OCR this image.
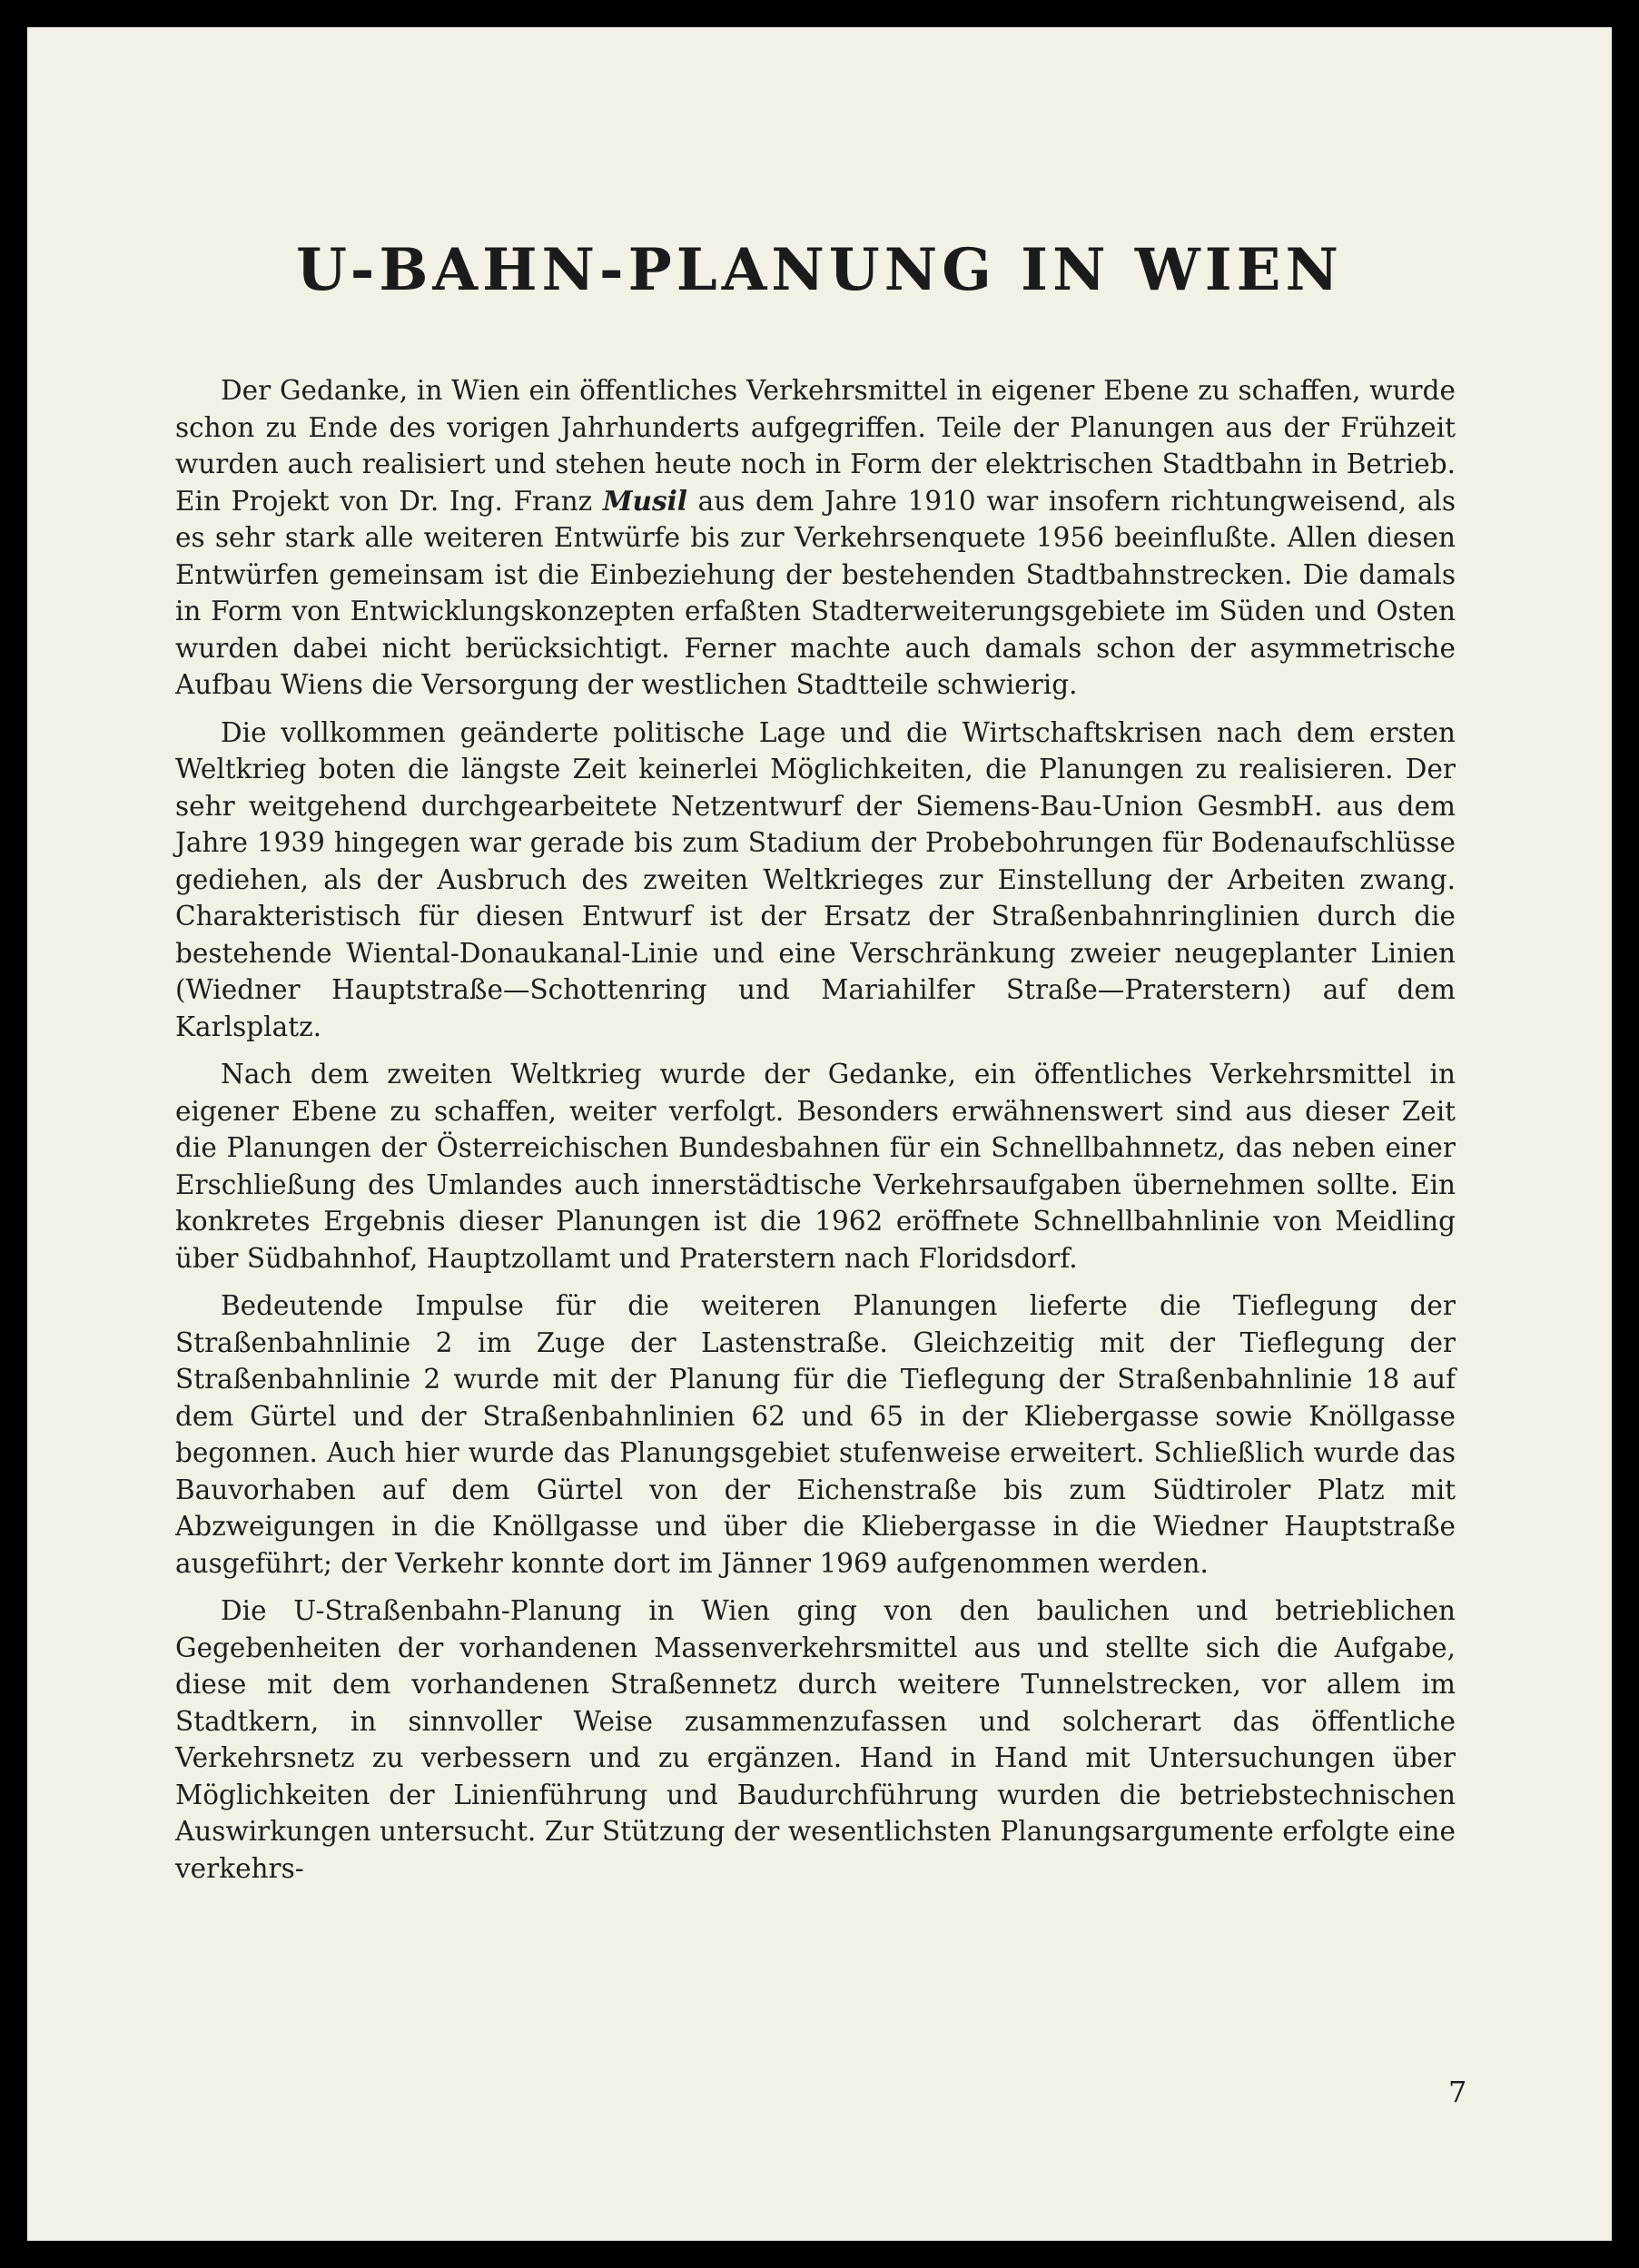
U-BAHN-PLANUNG IN WIEN

Der Gedanke, in Wien ein öffentliches Verkehrsmittel in eigener Ebene zu schaffen, wurde schon zu Ende des vorigen Jahrhunderts aufgegriffen. Teile der Planungen aus der Frühzeit wurden auch realisiert und stehen heute noch in Form der elektrischen Stadtbahn in Betrieb. Ein Projekt von Dr. Ing. Franz Musil aus dem Jahre 1910 war insofern richtungweisend, als es sehr stark alle weiteren Entwürfe bis zur Verkehrsenquete 1956 beeinflußte. Allen diesen Entwürfen gemeinsam ist die Einbeziehung der bestehenden Stadtbahnstrecken. Die damals in Form von Entwicklungskonzepten erfaßten Stadterweiterungsgebiete im Süden und Osten wurden dabei nicht berücksichtigt. Ferner machte auch damals schon der asymmetrische Aufbau Wiens die Versorgung der westlichen Stadtteile schwierig.

Die vollkommen geänderte politische Lage und die Wirtschaftskrisen nach dem ersten Weltkrieg boten die längste Zeit keinerlei Möglichkeiten, die Planungen zu realisieren. Der sehr weitgehend durchgearbeitete Netzentwurf der Siemens-Bau-Union GesmbH. aus dem Jahre 1939 hingegen war gerade bis zum Stadium der Probebohrungen für Bodenaufschlüsse gediehen, als der Ausbruch des zweiten Weltkrieges zur Einstellung der Arbeiten zwang. Charakteristisch für diesen Entwurf ist der Ersatz der Straßenbahnringlinien durch die bestehende Wiental-Donaukanal-Linie und eine Verschränkung zweier neugeplanter Linien (Wiedner Hauptstraße—Schottenring und Mariahilfer Straße—Praterstern) auf dem Karlsplatz.

Nach dem zweiten Weltkrieg wurde der Gedanke, ein öffentliches Verkehrsmittel in eigener Ebene zu schaffen, weiter verfolgt. Besonders erwähnenswert sind aus dieser Zeit die Planungen der Österreichischen Bundesbahnen für ein Schnellbahnnetz, das neben einer Erschließung des Umlandes auch innerstädtische Verkehrsaufgaben übernehmen sollte. Ein konkretes Ergebnis dieser Planungen ist die 1962 eröffnete Schnellbahnlinie von Meidling über Südbahnhof, Hauptzollamt und Praterstern nach Floridsdorf.

Bedeutende Impulse für die weiteren Planungen lieferte die Tieflegung der Straßenbahnlinie 2 im Zuge der Lastenstraße. Gleichzeitig mit der Tieflegung der Straßenbahnlinie 2 wurde mit der Planung für die Tieflegung der Straßenbahnlinie 18 auf dem Gürtel und der Straßenbahnlinien 62 und 65 in der Kliebergasse sowie Knöllgasse begonnen. Auch hier wurde das Planungsgebiet stufenweise erweitert. Schließlich wurde das Bauvorhaben auf dem Gürtel von der Eichenstraße bis zum Südtiroler Platz mit Abzweigungen in die Knöllgasse und über die Kliebergasse in die Wiedner Hauptstraße ausgeführt; der Verkehr konnte dort im Jänner 1969 aufgenommen werden.

Die U-Straßenbahn-Planung in Wien ging von den baulichen und betrieblichen Gegebenheiten der vorhandenen Massenverkehrsmittel aus und stellte sich die Aufgabe, diese mit dem vorhandenen Straßennetz durch weitere Tunnelstrecken, vor allem im Stadtkern, in sinnvoller Weise zusammenzufassen und solcherart das öffentliche Verkehrsnetz zu verbessern und zu ergänzen. Hand in Hand mit Untersuchungen über Möglichkeiten der Linienführung und Baudurchführung wurden die betriebstechnischen Auswirkungen untersucht. Zur Stützung der wesentlichsten Planungsargumente erfolgte eine verkehrs-

7
